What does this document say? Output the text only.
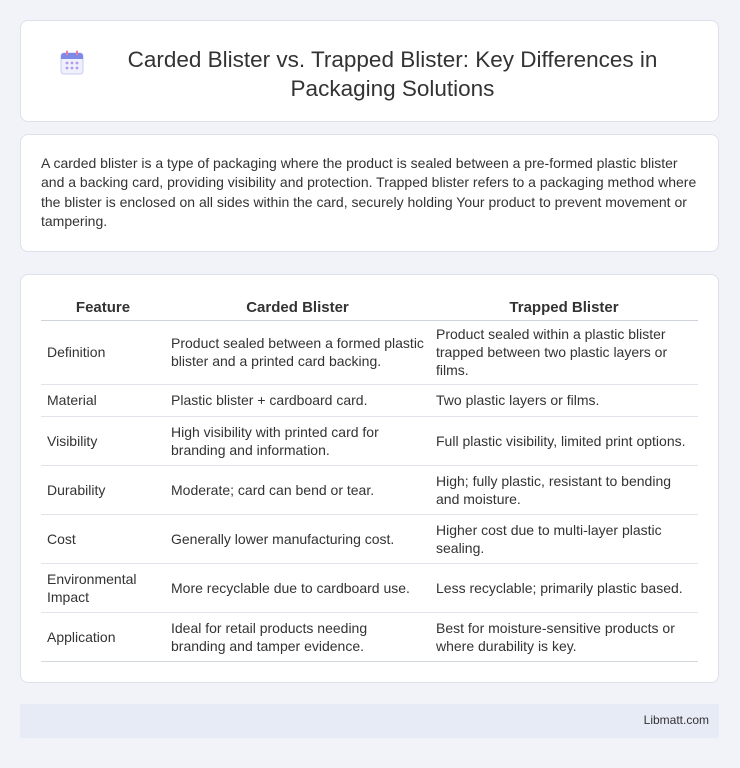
Carded Blister vs. Trapped Blister: Key Differences in Packaging Solutions

A carded blister is a type of packaging where the product is sealed between a pre-formed plastic blister and a backing card, providing visibility and protection. Trapped blister refers to a packaging method where the blister is enclosed on all sides within the card, securely holding Your product to prevent movement or tampering.

Feature	Carded Blister	Trapped Blister
Definition	Product sealed between a formed plastic blister and a printed card backing.	Product sealed within a plastic blister trapped between two plastic layers or films.
Material	Plastic blister + cardboard card.	Two plastic layers or films.
Visibility	High visibility with printed card for branding and information.	Full plastic visibility, limited print options.
Durability	Moderate; card can bend or tear.	High; fully plastic, resistant to bending and moisture.
Cost	Generally lower manufacturing cost.	Higher cost due to multi-layer plastic sealing.
Environmental Impact	More recyclable due to cardboard use.	Less recyclable; primarily plastic based.
Application	Ideal for retail products needing branding and tamper evidence.	Best for moisture-sensitive products or where durability is key.
Libmatt.com
